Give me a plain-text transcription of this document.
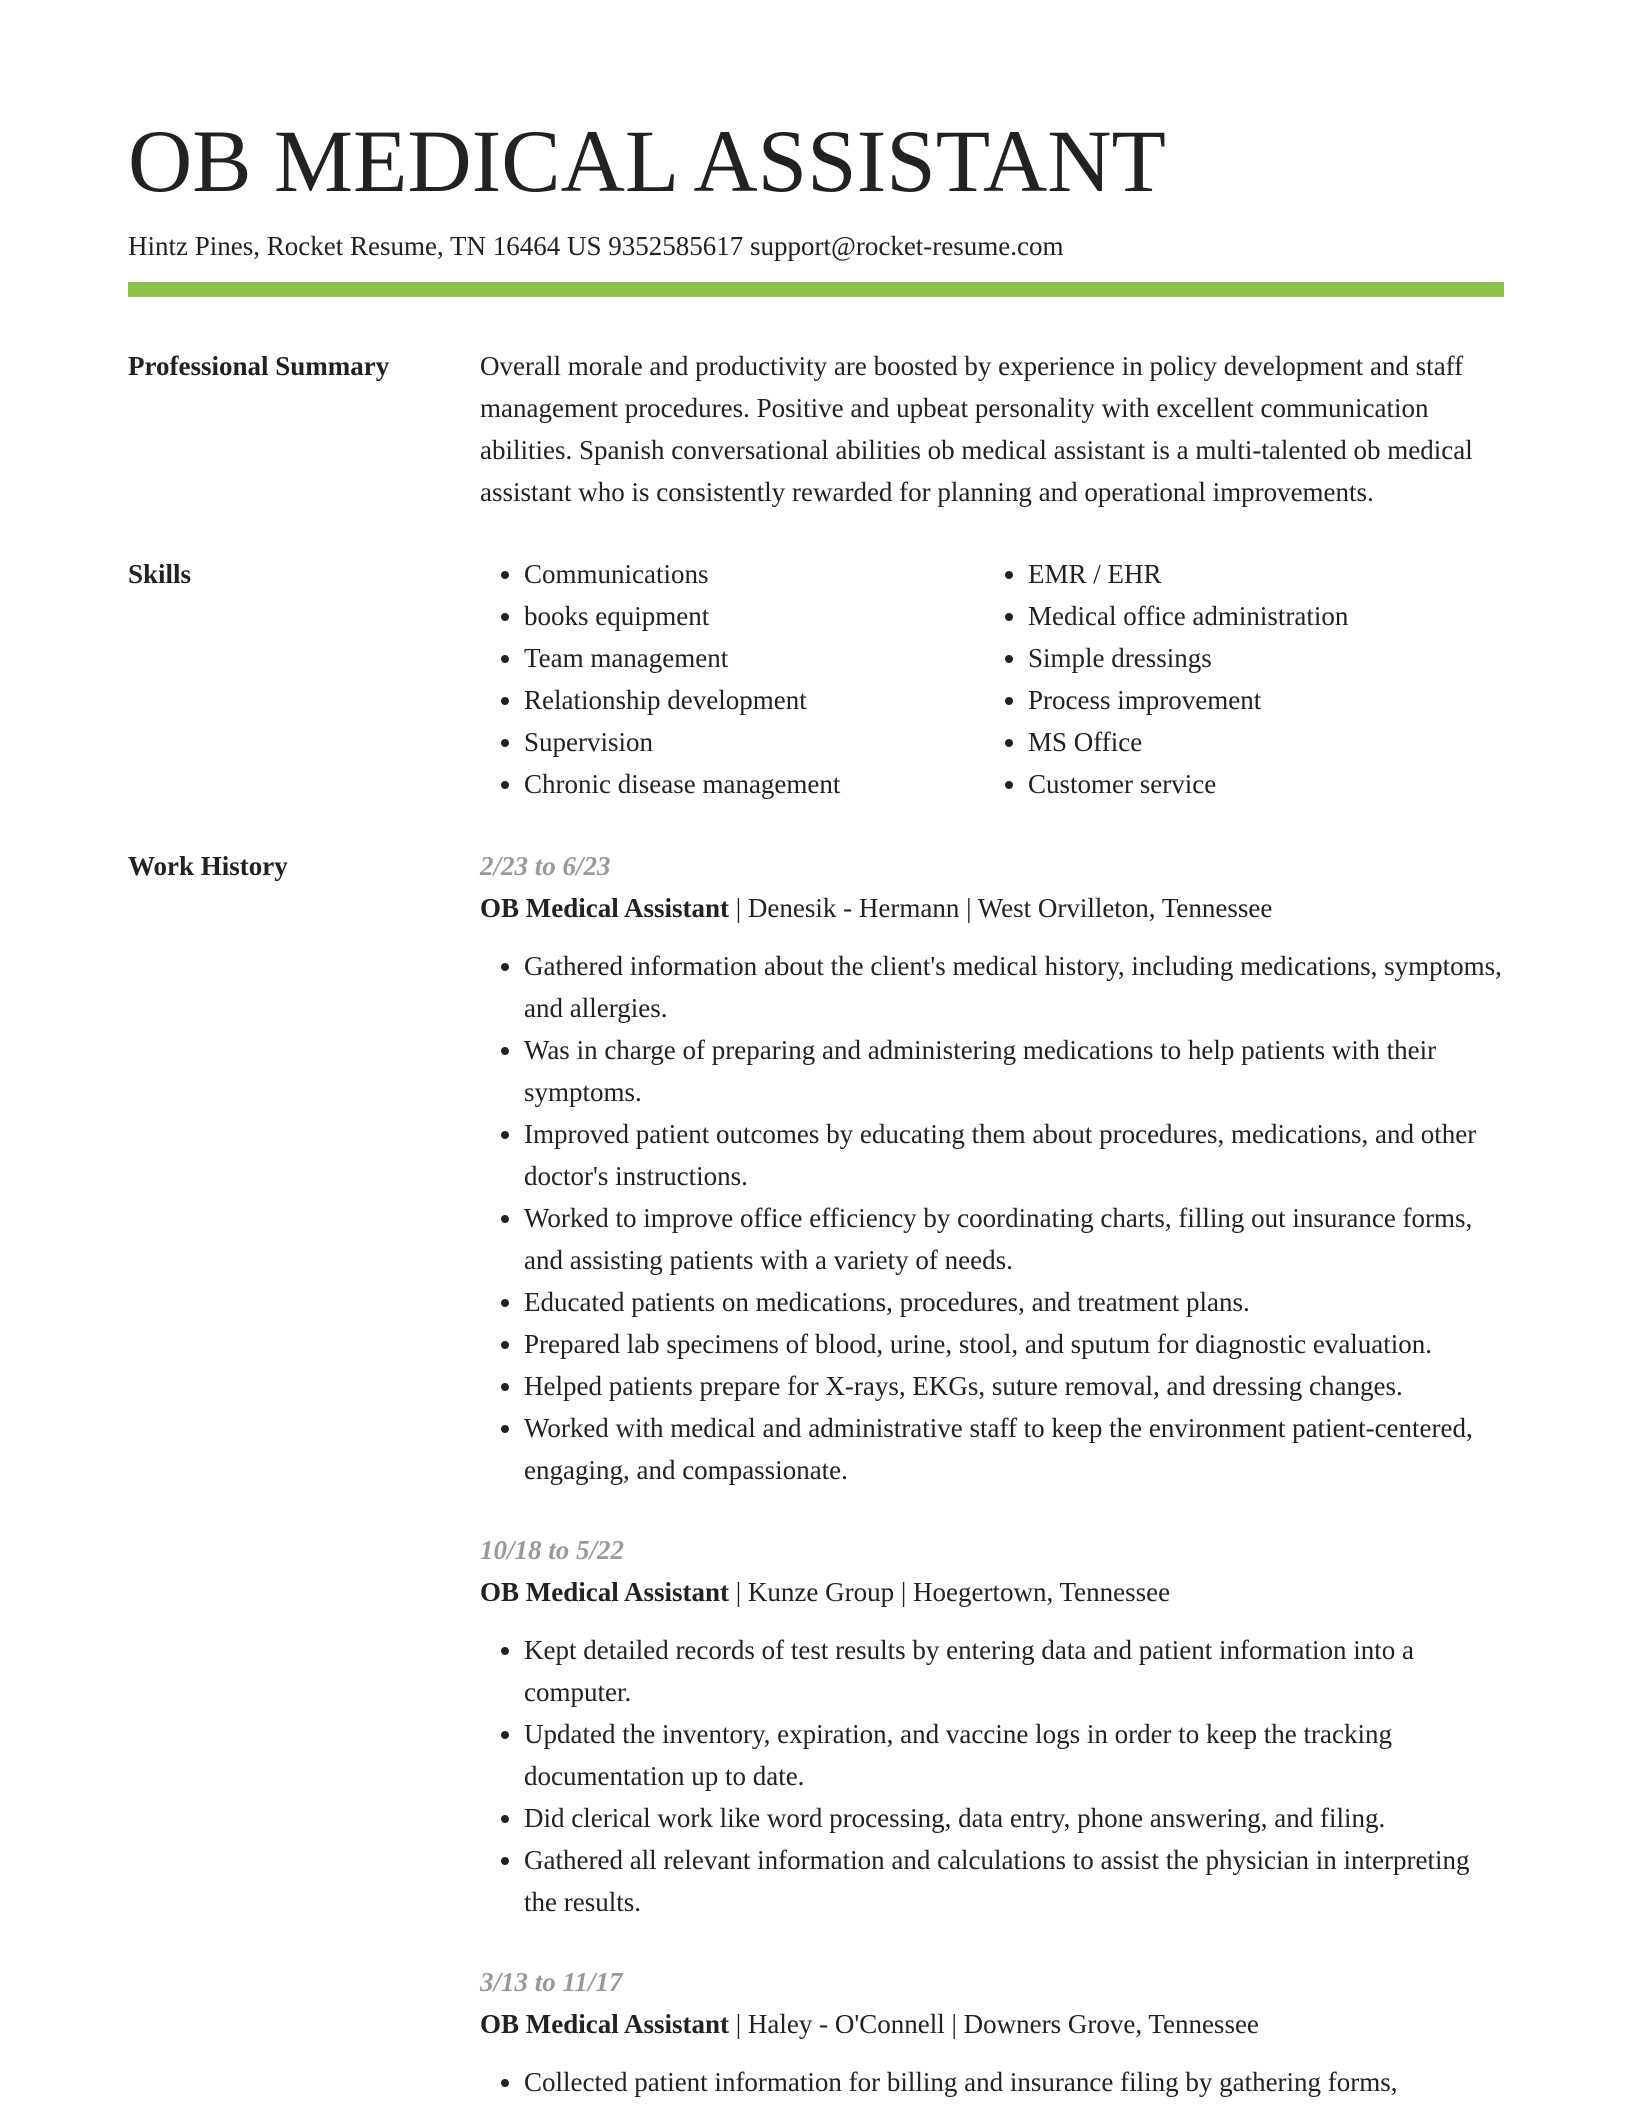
OB MEDICAL ASSISTANT
Hintz Pines, Rocket Resume, TN 16464 US 9352585617 support@rocket-resume.com
Professional Summary	Overall morale and productivity are boosted by experience in policy development and staff management procedures. Positive and upbeat personality with excellent communication abilities. Spanish conversational abilities ob medical assistant is a multi-talented ob medical assistant who is consistently rewarded for planning and operational improvements.

Skills
•	Communications
• books equipment
• Team management
• Relationship development
• Supervision
• Chronic disease management
• EMR / EHR
• Medical office administration
• Simple dressings
• Process improvement
• MS Office
• Customer service
Work History	2/23 to 6/23
OB Medical Assistant | Denesik - Hermann | West Orvilleton, Tennessee
• Gathered information about the client's medical history, including medications, symptoms, and allergies.
• Was in charge of preparing and administering medications to help patients with their symptoms.
• Improved patient outcomes by educating them about procedures, medications, and other doctor's instructions.
• Worked to improve office efficiency by coordinating charts, filling out insurance forms, and assisting patients with a variety of needs.
• Educated patients on medications, procedures, and treatment plans.
• Prepared lab specimens of blood, urine, stool, and sputum for diagnostic evaluation.
• Helped patients prepare for X-rays, EKGs, suture removal, and dressing changes.
• Worked with medical and administrative staff to keep the environment patient-centered, engaging, and compassionate.
10/18 to 5/22
OB Medical Assistant | Kunze Group | Hoegertown, Tennessee
• Kept detailed records of test results by entering data and patient information into a computer.
• Updated the inventory, expiration, and vaccine logs in order to keep the tracking documentation up to date.
• Did clerical work like word processing, data entry, phone answering, and filing.
• Gathered all relevant information and calculations to assist the physician in interpreting the results.
3/13 to 11/17
OB Medical Assistant | Haley - O'Connell | Downers Grove, Tennessee
• Collected patient information for billing and insurance filing by gathering forms,
